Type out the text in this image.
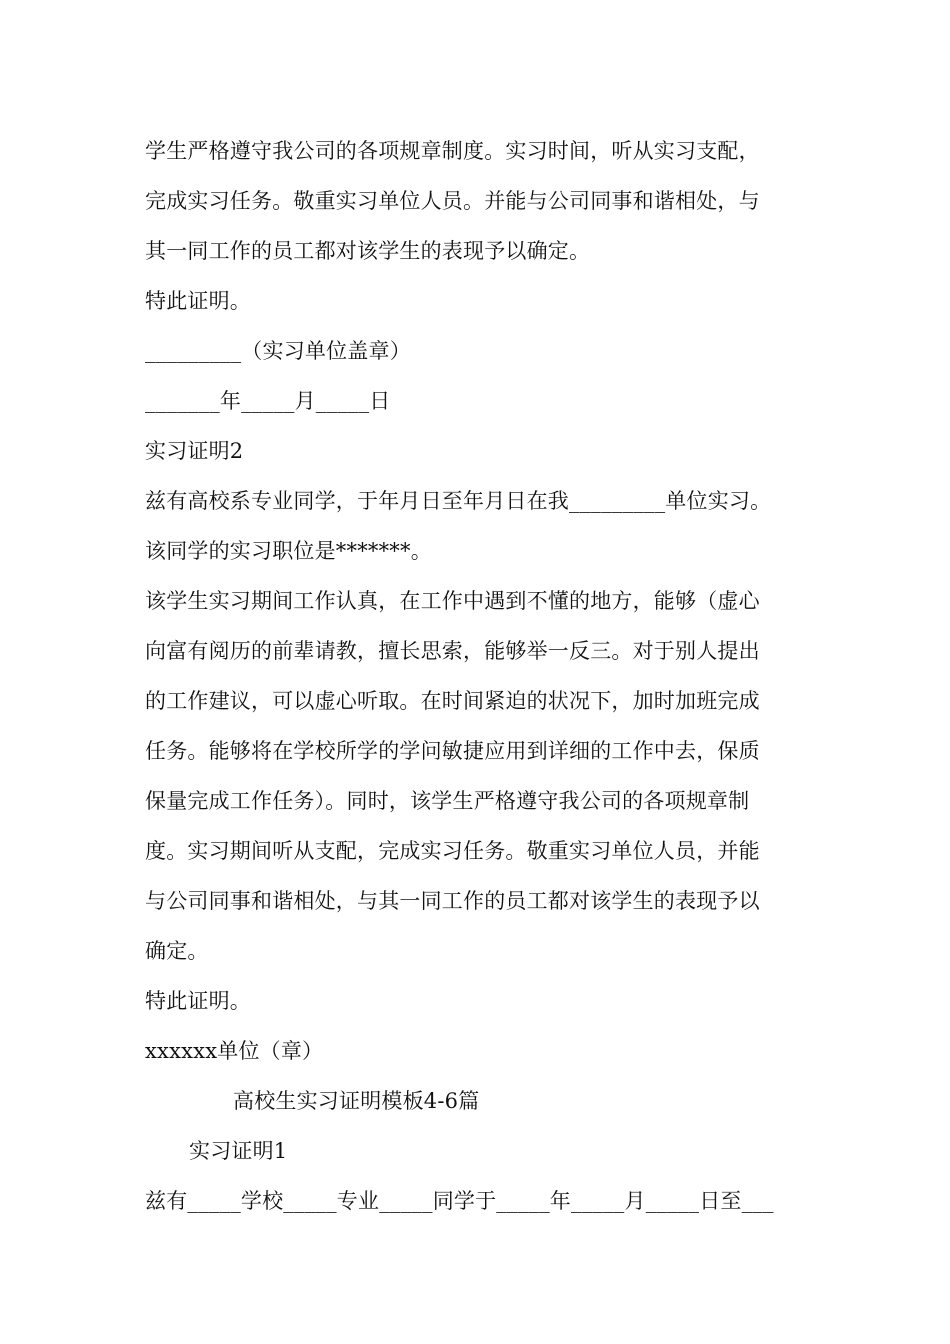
学生严格遵守我公司的各项规章制度。实习时间，听从实习支配，
完成实习任务。敬重实习单位人员。并能与公司同事和谐相处，与
其一同工作的员工都对该学生的表现予以确定。
特此证明。
_________（实习单位盖章）
_______年_____月_____日
实习证明2
兹有高校系专业同学，于年月日至年月日在我_________单位实习。
该同学的实习职位是*******。
该学生实习期间工作认真，在工作中遇到不懂的地方，能够（虚心
向富有阅历的前辈请教，擅长思索，能够举一反三。对于别人提出
的工作建议，可以虚心听取。在时间紧迫的状况下，加时加班完成
任务。能够将在学校所学的学问敏捷应用到详细的工作中去，保质
保量完成工作任务）。同时，该学生严格遵守我公司的各项规章制
度。实习期间听从支配，完成实习任务。敬重实习单位人员，并能
与公司同事和谐相处，与其一同工作的员工都对该学生的表现予以
确定。
特此证明。
xxxxxx单位（章）
高校生实习证明模板4-6篇
实习证明1
兹有_____学校_____专业_____同学于_____年_____月_____日至___
